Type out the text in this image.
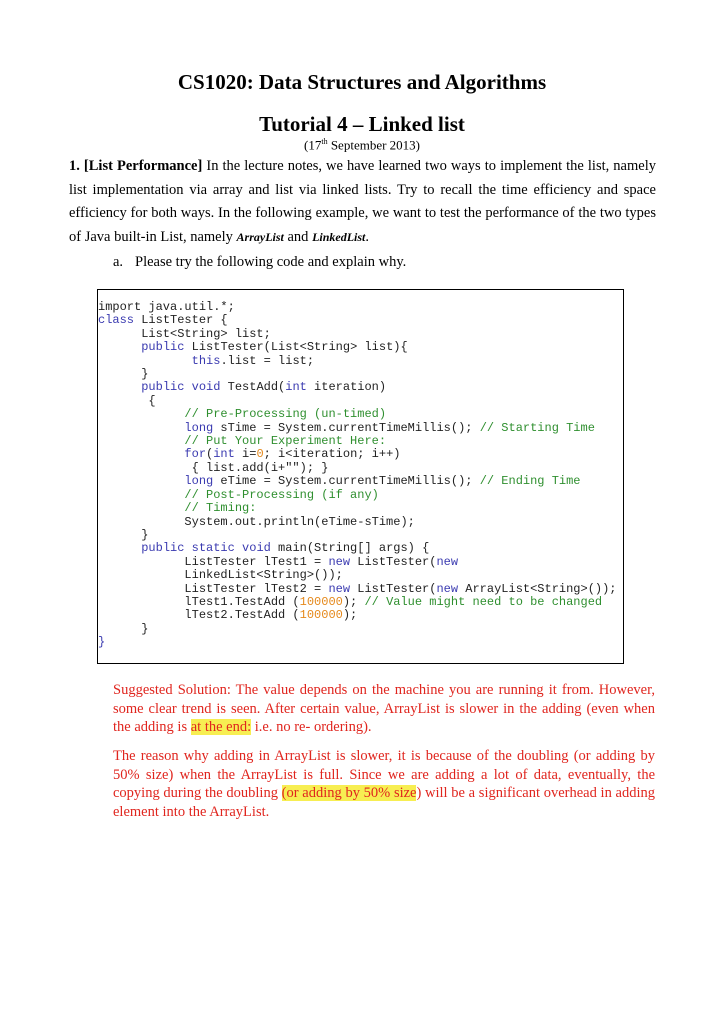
CS1020: Data Structures and Algorithms
Tutorial 4 – Linked list
(17th September 2013)
1. [List Performance] In the lecture notes, we have learned two ways to implement the list, namely list implementation via array and list via linked lists. Try to recall the time efficiency and space efficiency for both ways. In the following example, we want to test the performance of the two types of Java built-in List, namely ArrayList and LinkedList.
a. Please try the following code and explain why.
import java.util.*;
class ListTester {
List<String> list;
public ListTester(List<String> list){
this.list = list;
}
public void TestAdd(int iteration)
{
// Pre-Processing (un-timed)
long sTime = System.currentTimeMillis(); // Starting Time
// Put Your Experiment Here:
for(int i=0; i<iteration; i++)
{ list.add(i+""); }
long eTime = System.currentTimeMillis(); // Ending Time
// Post-Processing (if any)
// Timing:
System.out.println(eTime-sTime);
}
public static void main(String[] args) {
ListTester lTest1 = new ListTester(new
LinkedList<String>());
ListTester lTest2 = new ListTester(new ArrayList<String>());
lTest1.TestAdd (100000); // Value might need to be changed
lTest2.TestAdd (100000);
}
}
Suggested Solution: The value depends on the machine you are running it from. However, some clear trend is seen. After certain value, ArrayList is slower in the adding (even when the adding is at the end: i.e. no re- ordering).
The reason why adding in ArrayList is slower, it is because of the doubling (or adding by 50% size) when the ArrayList is full. Since we are adding a lot of data, eventually, the copying during the doubling (or adding by 50% size) will be a significant overhead in adding element into the ArrayList.
